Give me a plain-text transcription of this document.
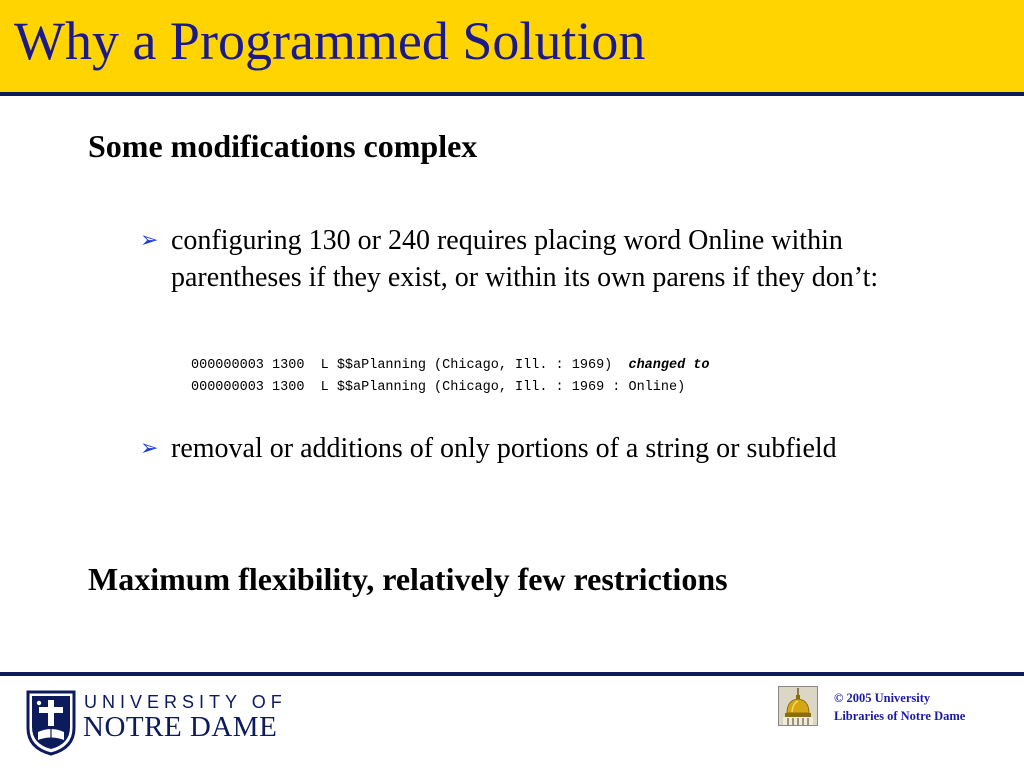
Why a Programmed Solution
Some modifications complex
➢ configuring 130 or 240 requires placing word Online within parentheses if they exist, or within its own parens if they don’t:
000000003 1300  L $$aPlanning (Chicago, Ill. : 1969)  changed to
000000003 1300  L $$aPlanning (Chicago, Ill. : 1969 : Online)
➢ removal or additions of only portions of a string or subfield
Maximum flexibility, relatively few restrictions
UNIVERSITY OF
NOTRE DAME
© 2005 University
Libraries of Notre Dame
